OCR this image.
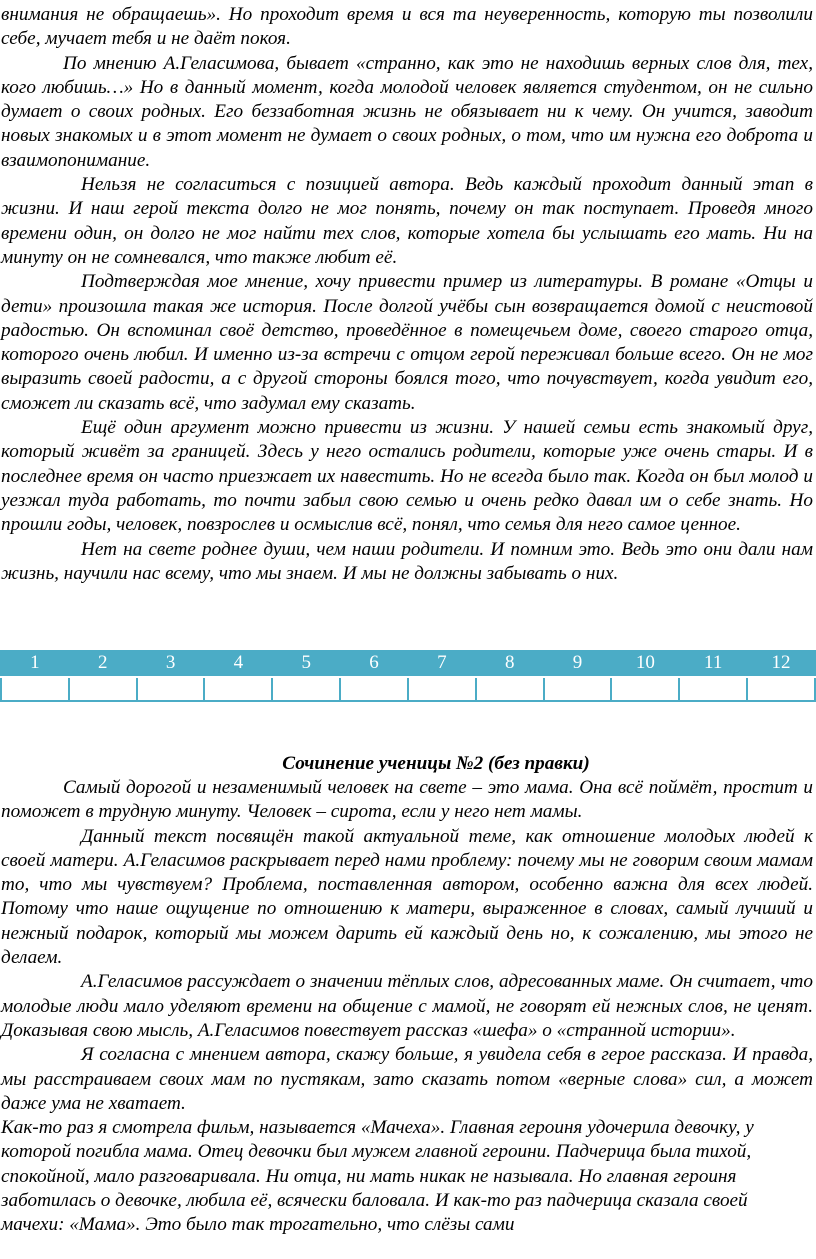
внимания не обращаешь». Но проходит время и вся та неуверенность, которую ты позволили себе, мучает тебя и не даёт покоя.

По мнению А.Геласимова, бывает «странно, как это не находишь верных слов для, тех, кого любишь…» Но в данный момент, когда молодой человек является студентом, он не сильно думает о своих родных. Его беззаботная жизнь не обязывает ни к чему. Он учится, заводит новых знакомых и в этот момент не думает о своих родных, о том, что им нужна его доброта и взаимопонимание.

Нельзя не согласиться с позицией автора. Ведь каждый проходит данный этап в жизни. И наш герой текста долго не мог понять, почему он так поступает. Проведя много времени один, он долго не мог найти тех слов, которые хотела бы услышать его мать. Ни на минуту он не сомневался, что также любит её.

Подтверждая мое мнение, хочу привести пример из литературы. В романе «Отцы и дети» произошла такая же история. После долгой учёбы сын возвращается домой с неистовой радостью. Он вспоминал своё детство, проведённое в помещечьем доме, своего старого отца, которого очень любил. И именно из-за встречи с отцом герой переживал больше всего. Он не мог выразить своей радости, а с другой стороны боялся того, что почувствует, когда увидит его, сможет ли сказать всё, что задумал ему сказать.

Ещё один аргумент можно привести из жизни. У нашей семьи есть знакомый друг, который живёт за границей. Здесь у него остались родители, которые уже очень стары. И в последнее время он часто приезжает их навестить. Но не всегда было так. Когда он был молод и уезжал туда работать, то почти забыл свою семью и очень редко давал им о себе знать. Но прошли годы, человек, повзрослев и осмыслив всё, понял, что семья для него самое ценное.

Нет на свете роднее души, чем наши родители. И помним это. Ведь это они дали нам жизнь, научили нас всему, что мы знаем. И мы не должны забывать о них.

1	2	3	4	5	6	7	8	9	10	11	12

Сочинение ученицы №2 (без правки)

Самый дорогой и незаменимый человек на свете – это мама. Она всё поймёт, простит и поможет в трудную минуту. Человек – сирота, если у него нет мамы.

Данный текст посвящён такой актуальной теме, как отношение молодых людей к своей матери. А.Геласимов раскрывает перед нами проблему: почему мы не говорим своим мамам то, что мы чувствуем? Проблема, поставленная автором, особенно важна для всех людей. Потому что наше ощущение по отношению к матери, выраженное в словах, самый лучший и нежный подарок, который мы можем дарить ей каждый день но, к сожалению, мы этого не делаем.

А.Геласимов рассуждает о значении тёплых слов, адресованных маме. Он считает, что молодые люди мало уделяют времени на общение с мамой, не говорят ей нежных слов, не ценят. Доказывая свою мысль, А.Геласимов повествует рассказ «шефа» о «странной истории».

Я согласна с мнением автора, скажу больше, я увидела себя в герое рассказа. И правда, мы расстраиваем своих мам по пустякам, зато сказать потом «верные слова» сил, а может даже ума не хватает.

Как-то раз я смотрела фильм, называется «Мачеха». Главная героиня удочерила девочку, у которой погибла мама. Отец девочки был мужем главной героини. Падчерица была тихой, спокойной, мало разговаривала. Ни отца, ни мать никак не называла. Но главная героиня заботилась о девочке, любила её, всячески баловала. И как-то раз падчерица сказала своей мачехи: «Мама». Это было так трогательно, что слёзы сами
